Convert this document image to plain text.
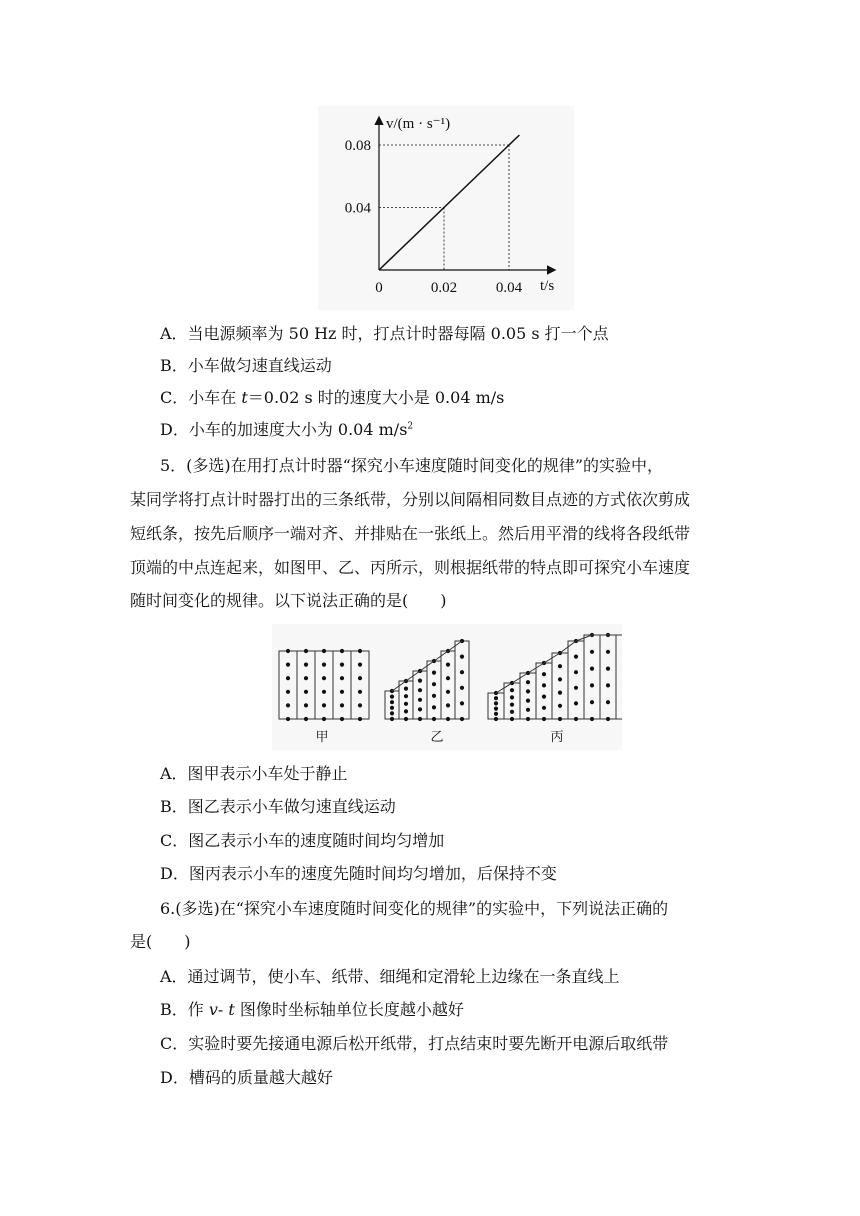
0.04
0.08
0	0.02	0.04
v/(m · s⁻¹)
t/s
A．当电源频率为 50 Hz 时，打点计时器每隔 0.05 s 打一个点
B．小车做匀速直线运动
C．小车在 t＝0.02 s 时的速度大小是 0.04 m/s
D．小车的加速度大小为 0.04 $m/s^2$
5．(多选)在用打点计时器“探究小车速度随时间变化的规律”的实验中，
某同学将打点计时器打出的三条纸带，分别以间隔相同数目点迹的方式依次剪成
短纸条，按先后顺序一端对齐、并排贴在一张纸上。然后用平滑的线将各段纸带
顶端的中点连起来，如图甲、乙、丙所示，则根据纸带的特点即可探究小车速度
随时间变化的规律。以下说法正确的是(　　)
甲	乙	丙
A．图甲表示小车处于静止
B．图乙表示小车做匀速直线运动
C．图乙表示小车的速度随时间均匀增加
D．图丙表示小车的速度先随时间均匀增加，后保持不变
6.(多选)在“探究小车速度随时间变化的规律”的实验中，下列说法正确的
是(　　)
A．通过调节，使小车、纸带、细绳和定滑轮上边缘在一条直线上
B．作 v- t 图像时坐标轴单位长度越小越好
C．实验时要先接通电源后松开纸带，打点结束时要先断开电源后取纸带
D．槽码的质量越大越好
